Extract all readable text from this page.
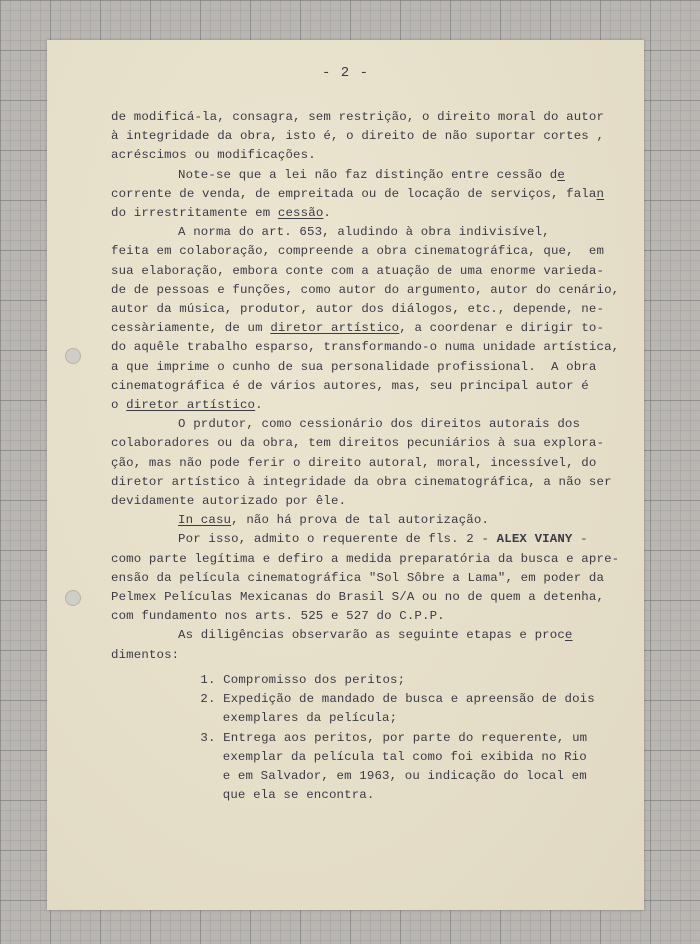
- 2 -
de modificá-la, consagra, sem restrição, o direito moral do autor
à integridade da obra, isto é, o direito de não suportar cortes ,
acréscimos ou modificações.
Note-se que a lei não faz distinção entre cessão de
corrente de venda, de empreitada ou de locação de serviços, falan
do irrestritamente em cessão.
A norma do art. 653, aludindo à obra indivisível,
feita em colaboração, compreende a obra cinematográfica, que,  em
sua elaboração, embora conte com a atuação de uma enorme varieda-
de de pessoas e funções, como autor do argumento, autor do cenário,
autor da música, produtor, autor dos diálogos, etc., depende, ne-
cessàriamente, de um diretor artístico, a coordenar e dirigir to-
do aquêle trabalho esparso, transformando-o numa unidade artística,
a que imprime o cunho de sua personalidade profissional.  A obra
cinematográfica é de vários autores, mas, seu principal autor é
o diretor artístico.
O prdutor, como cessionário dos direitos autorais dos
colaboradores ou da obra, tem direitos pecuniários à sua explora-
ção, mas não pode ferir o direito autoral, moral, incessível, do
diretor artístico à integridade da obra cinematográfica, a não ser
devidamente autorizado por êle.
In casu, não há prova de tal autorização.
Por isso, admito o requerente de fls. 2 - ALEX VIANY -
como parte legítima e defiro a medida preparatória da busca e apre-
ensão da película cinematográfica "Sol Sôbre a Lama", em poder da
Pelmex Películas Mexicanas do Brasil S/A ou no de quem a detenha,
com fundamento nos arts. 525 e 527 do C.P.P.
As diligências observarão as seguinte etapas e proce
dimentos:
1. Compromisso dos peritos;
2. Expedição de mandado de busca e apreensão de dois
exemplares da película;
3. Entrega aos peritos, por parte do requerente, um
exemplar da película tal como foi exibida no Rio
e em Salvador, em 1963, ou indicação do local em
que ela se encontra.
